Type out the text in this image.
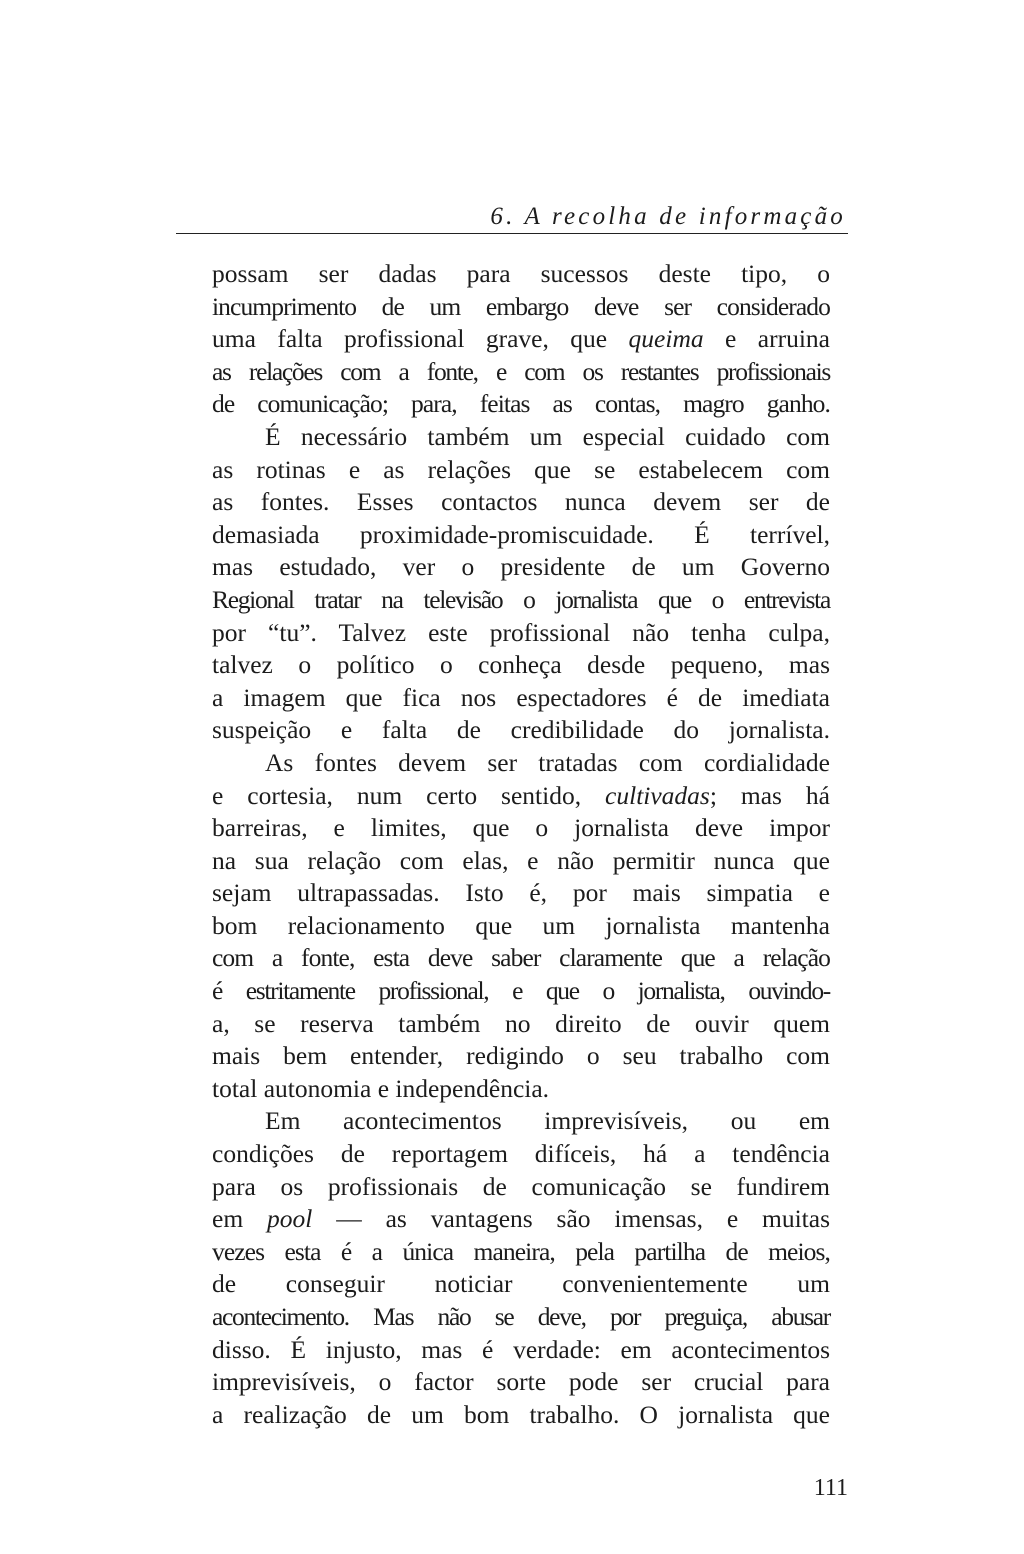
6. A recolha de informação
possam ser dadas para sucessos deste tipo, o
incumprimento de um embargo deve ser considerado
uma falta profissional grave, que queima e arruina
as relações com a fonte, e com os restantes profissionais
de comunicação; para, feitas as contas, magro ganho.
É necessário também um especial cuidado com
as rotinas e as relações que se estabelecem com
as fontes. Esses contactos nunca devem ser de
demasiada proximidade-promiscuidade. É terrível,
mas estudado, ver o presidente de um Governo
Regional tratar na televisão o jornalista que o entrevista
por “tu”. Talvez este profissional não tenha culpa,
talvez o político o conheça desde pequeno, mas
a imagem que fica nos espectadores é de imediata
suspeição e falta de credibilidade do jornalista.
As fontes devem ser tratadas com cordialidade
e cortesia, num certo sentido, cultivadas; mas há
barreiras, e limites, que o jornalista deve impor
na sua relação com elas, e não permitir nunca que
sejam ultrapassadas. Isto é, por mais simpatia e
bom relacionamento que um jornalista mantenha
com a fonte, esta deve saber claramente que a relação
é estritamente profissional, e que o jornalista, ouvindo-
a, se reserva também no direito de ouvir quem
mais bem entender, redigindo o seu trabalho com
total autonomia e independência.
Em acontecimentos imprevisíveis, ou em
condições de reportagem difíceis, há a tendência
para os profissionais de comunicação se fundirem
em pool — as vantagens são imensas, e muitas
vezes esta é a única maneira, pela partilha de meios,
de conseguir noticiar convenientemente um
acontecimento. Mas não se deve, por preguiça, abusar
disso. É injusto, mas é verdade: em acontecimentos
imprevisíveis, o factor sorte pode ser crucial para
a realização de um bom trabalho. O jornalista que
111
